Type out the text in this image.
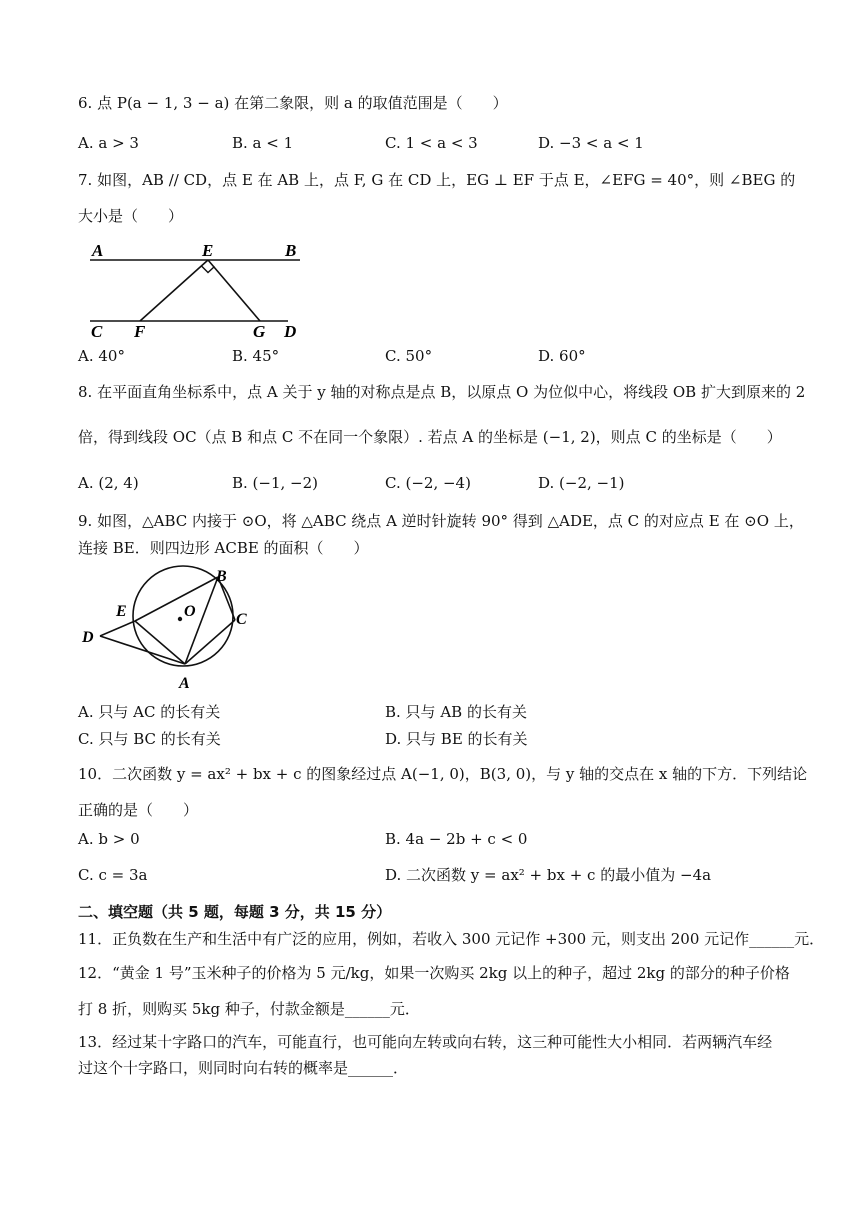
6. 点 P(a − 1, 3 − a) 在第二象限，则 a 的取值范围是（　　）
A. a > 3	B. a < 1	C. 1 < a < 3	D. −3 < a < 1
7. 如图，AB // CD，点 E 在 AB 上，点 F, G 在 CD 上，EG ⊥ EF 于点 E，∠EFG = 40°，则 ∠BEG 的
大小是（　　）
A	E	B
C F	G D
A. 40°	B. 45°	C. 50°	D. 60°
8. 在平面直角坐标系中，点 A 关于 y 轴的对称点是点 B，以原点 O 为位似中心，将线段 OB 扩大到原来的 2
倍，得到线段 OC（点 B 和点 C 不在同一个象限）. 若点 A 的坐标是 (−1, 2)，则点 C 的坐标是（　　）
A. (2, 4)	B. (−1, −2)	C. (−2, −4)	D. (−2, −1)
9. 如图，△ABC 内接于 ⊙O，将 △ABC 绕点 A 逆时针旋转 90° 得到 △ADE，点 C 的对应点 E 在 ⊙O 上，
连接 BE．则四边形 ACBE 的面积（　　）
B
E	O	C
D
A
A. 只与 AC 的长有关	B. 只与 AB 的长有关
C. 只与 BC 的长有关	D. 只与 BE 的长有关
10．二次函数 y = ax² + bx + c 的图象经过点 A(−1, 0)，B(3, 0)，与 y 轴的交点在 x 轴的下方．下列结论
正确的是（　　）
A. b > 0	B. 4a − 2b + c < 0
C. c = 3a	D. 二次函数 y = ax² + bx + c 的最小值为 −4a
二、填空题（共 5 题，每题 3 分，共 15 分）
11．正负数在生产和生活中有广泛的应用，例如，若收入 300 元记作 +300 元，则支出 200 元记作______元．
12．“黄金 1 号”玉米种子的价格为 5 元/kg，如果一次购买 2kg 以上的种子，超过 2kg 的部分的种子价格
打 8 折，则购买 5kg 种子，付款金额是______元．
13．经过某十字路口的汽车，可能直行，也可能向左转或向右转，这三种可能性大小相同．若两辆汽车经
过这个十字路口，则同时向右转的概率是______．
